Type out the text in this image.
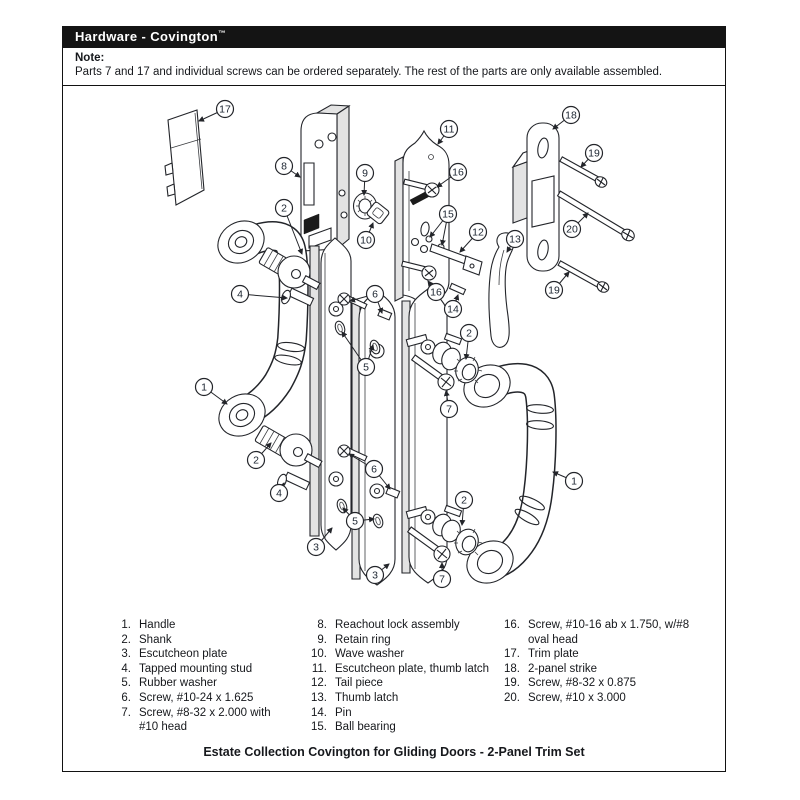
Hardware - Covington™
Note:
Parts 7 and 17 and individual screws can be ordered separately. The rest of the parts are only available assembled.
17
8
9
11
16
2
10
15
12
13
18
19
20
19
14
16
4	6
5
1
7
2
2
4
6
5
3
3
2
7
1
1. Handle
2. Shank
3. Escutcheon plate
4. Tapped mounting stud
5. Rubber washer
6. Screw, #10-24 x 1.625
7. Screw, #8-32 x 2.000 with
#10 head
8. Reachout lock assembly
9. Retain ring
10. Wave washer
11. Escutcheon plate, thumb latch
12. Tail piece
13. Thumb latch
14. Pin
15. Ball bearing
16. Screw, #10-16 ab x 1.750, w/#8
oval head
17. Trim plate
18. 2-panel strike
19. Screw, #8-32 x 0.875
20. Screw, #10 x 3.000
Estate Collection Covington for Gliding Doors - 2-Panel Trim Set
